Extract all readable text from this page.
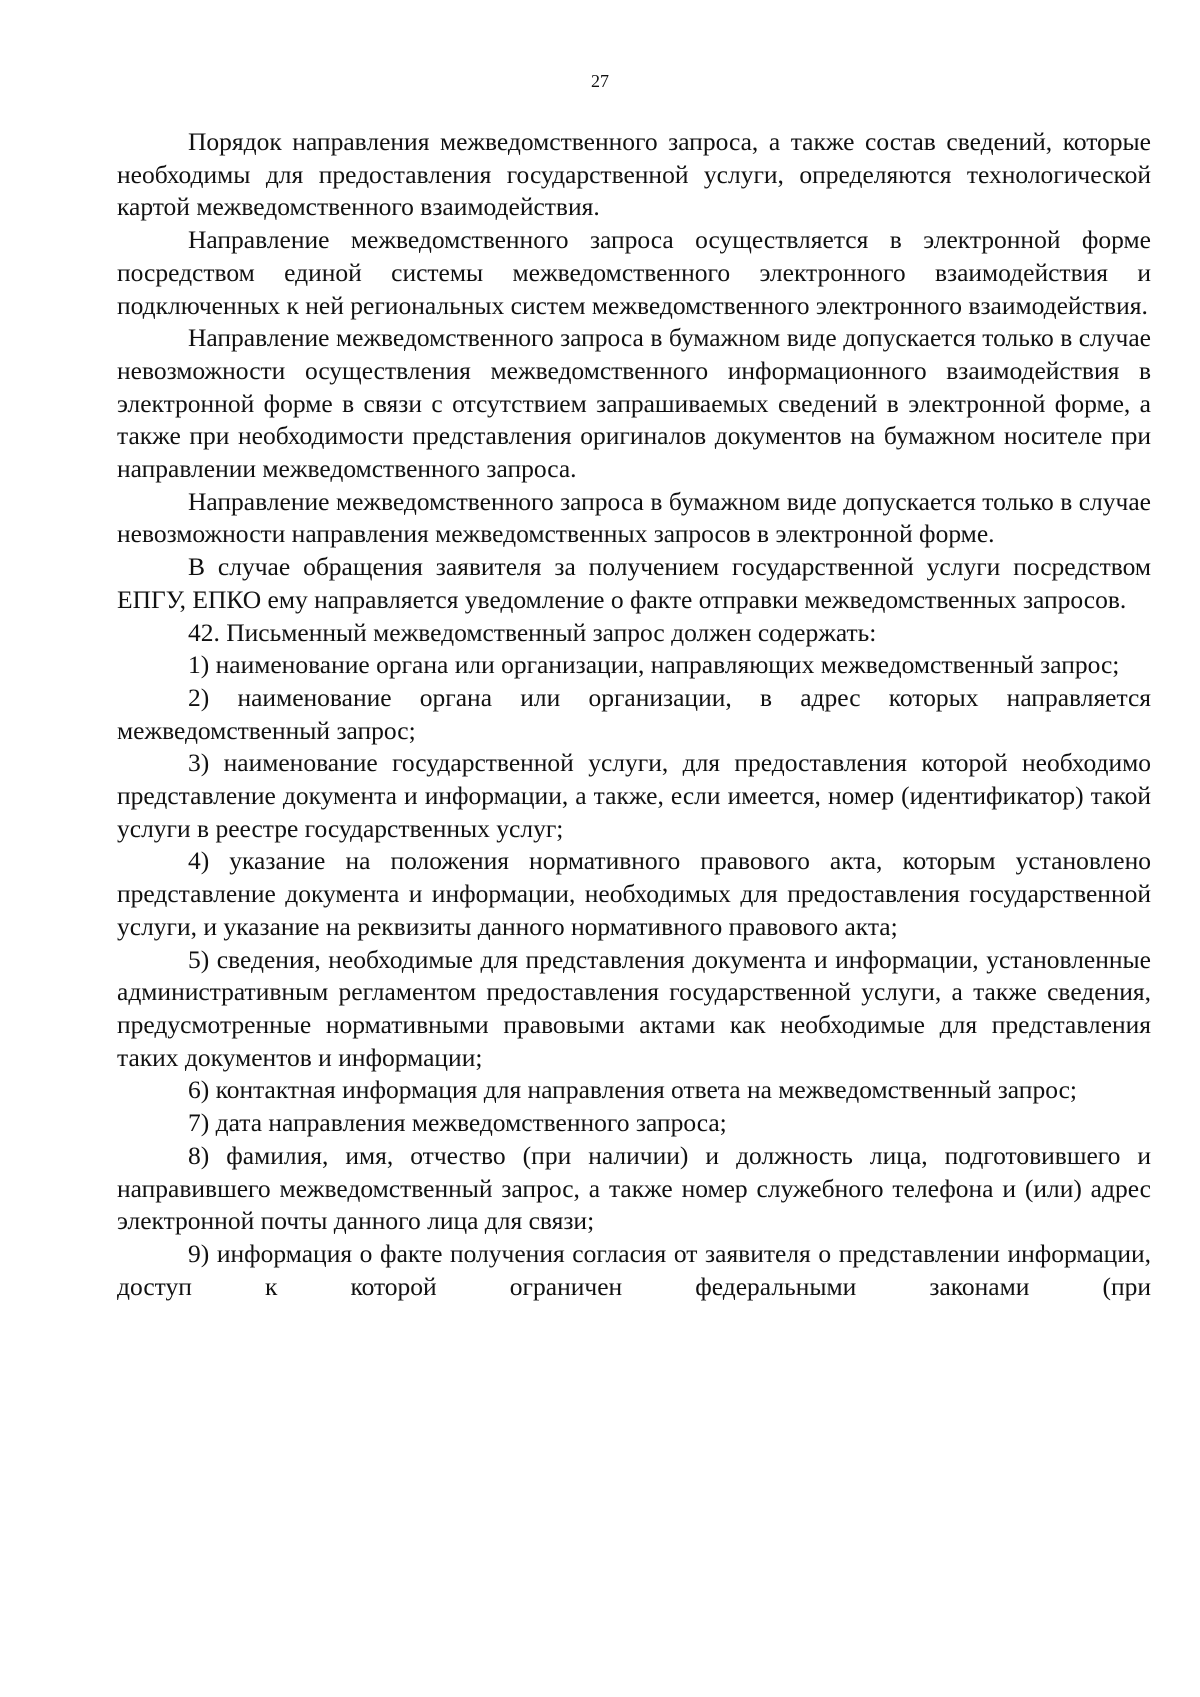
27

Порядок направления межведомственного запроса, а также состав сведений, которые необходимы для предоставления государственной услуги, определяются технологической картой межведомственного взаимодействия.

Направление межведомственного запроса осуществляется в электронной форме посредством единой системы межведомственного электронного взаимодействия и подключенных к ней региональных систем межведомственного электронного взаимодействия.

Направление межведомственного запроса в бумажном виде допускается только в случае невозможности осуществления межведомственного информационного взаимодействия в электронной форме в связи с отсутствием запрашиваемых сведений в электронной форме, а также при необходимости представления оригиналов документов на бумажном носителе при направлении межведомственного запроса.

Направление межведомственного запроса в бумажном виде допускается только в случае невозможности направления межведомственных запросов в электронной форме.

В случае обращения заявителя за получением государственной услуги посредством ЕПГУ, ЕПКО ему направляется уведомление о факте отправки межведомственных запросов.

42. Письменный межведомственный запрос должен содержать:

1) наименование органа или организации, направляющих межведомственный запрос;

2) наименование органа или организации, в адрес которых направляется межведомственный запрос;

3) наименование государственной услуги, для предоставления которой необходимо представление документа и информации, а также, если имеется, номер (идентификатор) такой услуги в реестре государственных услуг;

4) указание на положения нормативного правового акта, которым установлено представление документа и информации, необходимых для предоставления государственной услуги, и указание на реквизиты данного нормативного правового акта;

5) сведения, необходимые для представления документа и информации, установленные административным регламентом предоставления государственной услуги, а также сведения, предусмотренные нормативными правовыми актами как необходимые для представления таких документов и информации;

6) контактная информация для направления ответа на межведомственный запрос;

7) дата направления межведомственного запроса;

8) фамилия, имя, отчество (при наличии) и должность лица, подготовившего и направившего межведомственный запрос, а также номер служебного телефона и (или) адрес электронной почты данного лица для связи;

9) информация о факте получения согласия от заявителя о представлении информации, доступ к которой ограничен федеральными законами (при
